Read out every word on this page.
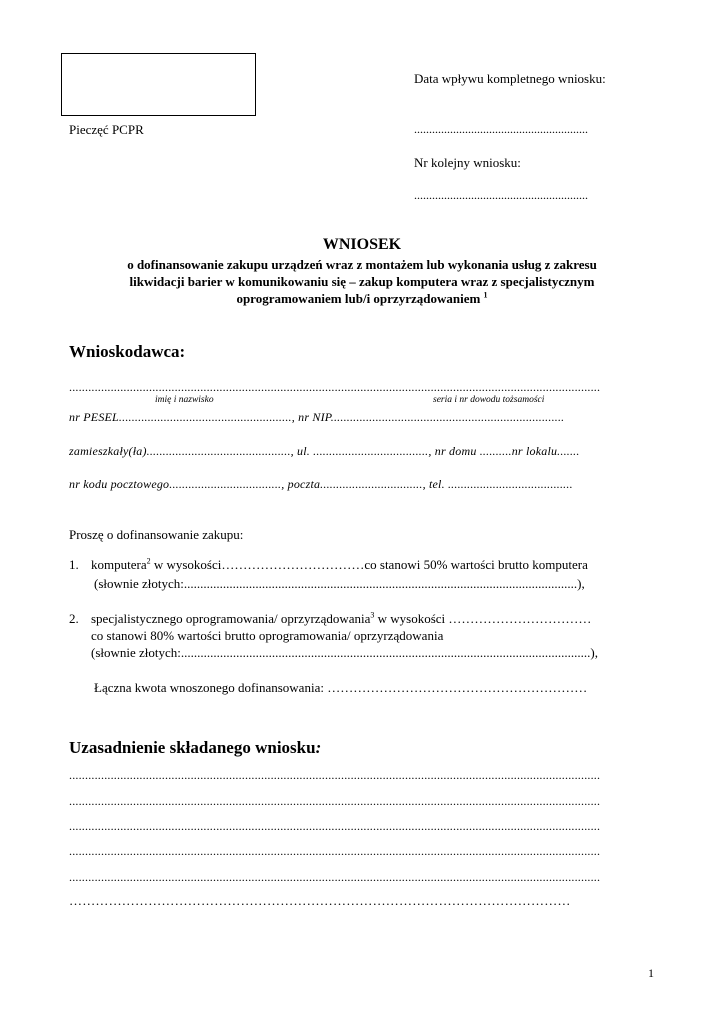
Pieczęć PCPR
Data wpływu kompletnego wniosku:
..........................................................
Nr kolejny wniosku:
..........................................................
WNIOSEK
o dofinansowanie zakupu urządzeń wraz z montażem lub wykonania usług z zakresu
likwidacji barier w komunikowaniu się – zakup komputera wraz z specjalistycznym
oprogramowaniem lub/i oprzyrządowaniem $^1$
Wnioskodawca:
......................................................................................................................................................................
imię i nazwisko	seria i nr dowodu tożsamości
nr PESEL......................................................, nr NIP.........................................................................
zamieszkały(ła)............................................., ul. ...................................., nr domu ..........nr lokalu.......
nr kodu pocztowego..................................., poczta................................, tel. .......................................
Proszę o dofinansowanie zakupu:
1. komputera$^2$ w wysokości……………………………co stanowi 50% wartości brutto komputera
(słownie złotych:.........................................................................................................................),
2. specjalistycznego oprogramowania/ oprzyrządowania$^3$ w wysokości ……………………………
co stanowi 80% wartości brutto oprogramowania/ oprzyrządowania
(słownie złotych:..............................................................................................................................),
Łączna kwota wnoszonego dofinansowania: ……………………………………………………
Uzasadnienie składanego wniosku:
......................................................................................................................................................................
......................................................................................................................................................................
......................................................................................................................................................................
......................................................................................................................................................................
......................................................................................................................................................................
……………………………………………………………………………………………………
1
